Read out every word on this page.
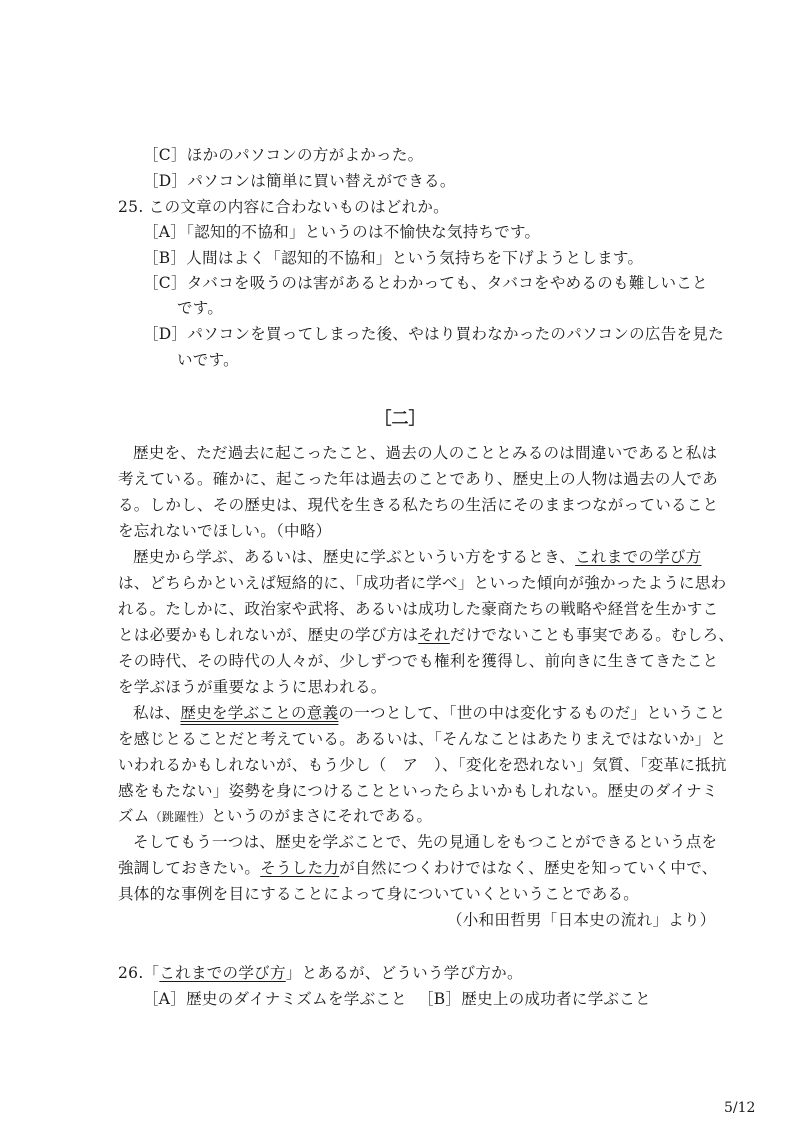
［C］ほかのパソコンの方がよかった。
［D］パソコンは簡単に買い替えができる。
25. この文章の内容に合わないものはどれか。
［A］「認知的不協和」というのは不愉快な気持ちです。
［B］人間はよく「認知的不協和」という気持ちを下げようとします。
［C］タバコを吸うのは害があるとわかっても、タバコをやめるのも難しいこと
です。
［D］パソコンを買ってしまった後、やはり買わなかったのパソコンの広告を見た
いです。
［二］
歴史を、ただ過去に起こったこと、過去の人のこととみるのは間違いであると私は
考えている。確かに、起こった年は過去のことであり、歴史上の人物は過去の人であ
る。しかし、その歴史は、現代を生きる私たちの生活にそのままつながっていること
を忘れないでほしい。（中略）
歴史から学ぶ、あるいは、歴史に学ぶというい方をするとき、これまでの学び方
は、どちらかといえば短絡的に、「成功者に学べ」といった傾向が強かったように思わ
れる。たしかに、政治家や武将、あるいは成功した豪商たちの戦略や経営を生かすこ
とは必要かもしれないが、歴史の学び方はそれだけでないことも事実である。むしろ、
その時代、その時代の人々が、少しずつでも権利を獲得し、前向きに生きてきたこと
を学ぶほうが重要なように思われる。
私は、歴史を学ぶことの意義の一つとして、「世の中は変化するものだ」ということ
を感じとることだと考えている。あるいは、「そんなことはあたりまえではないか」と
いわれるかもしれないが、もう少し（　ア　）、「変化を恐れない」気質、「変革に抵抗
感をもたない」姿勢を身につけることといったらよいかもしれない。歴史のダイナミ
ズム（跳躍性）というのがまさにそれである。
そしてもう一つは、歴史を学ぶことで、先の見通しをもつことができるという点を
強調しておきたい。そうした力が自然につくわけではなく、歴史を知っていく中で、
具体的な事例を目にすることによって身についていくということである。
（小和田哲男「日本史の流れ」より）
26.「これまでの学び方」とあるが、どういう学び方か。
［A］歴史のダイナミズムを学ぶこと ［B］歴史上の成功者に学ぶこと
5/12
